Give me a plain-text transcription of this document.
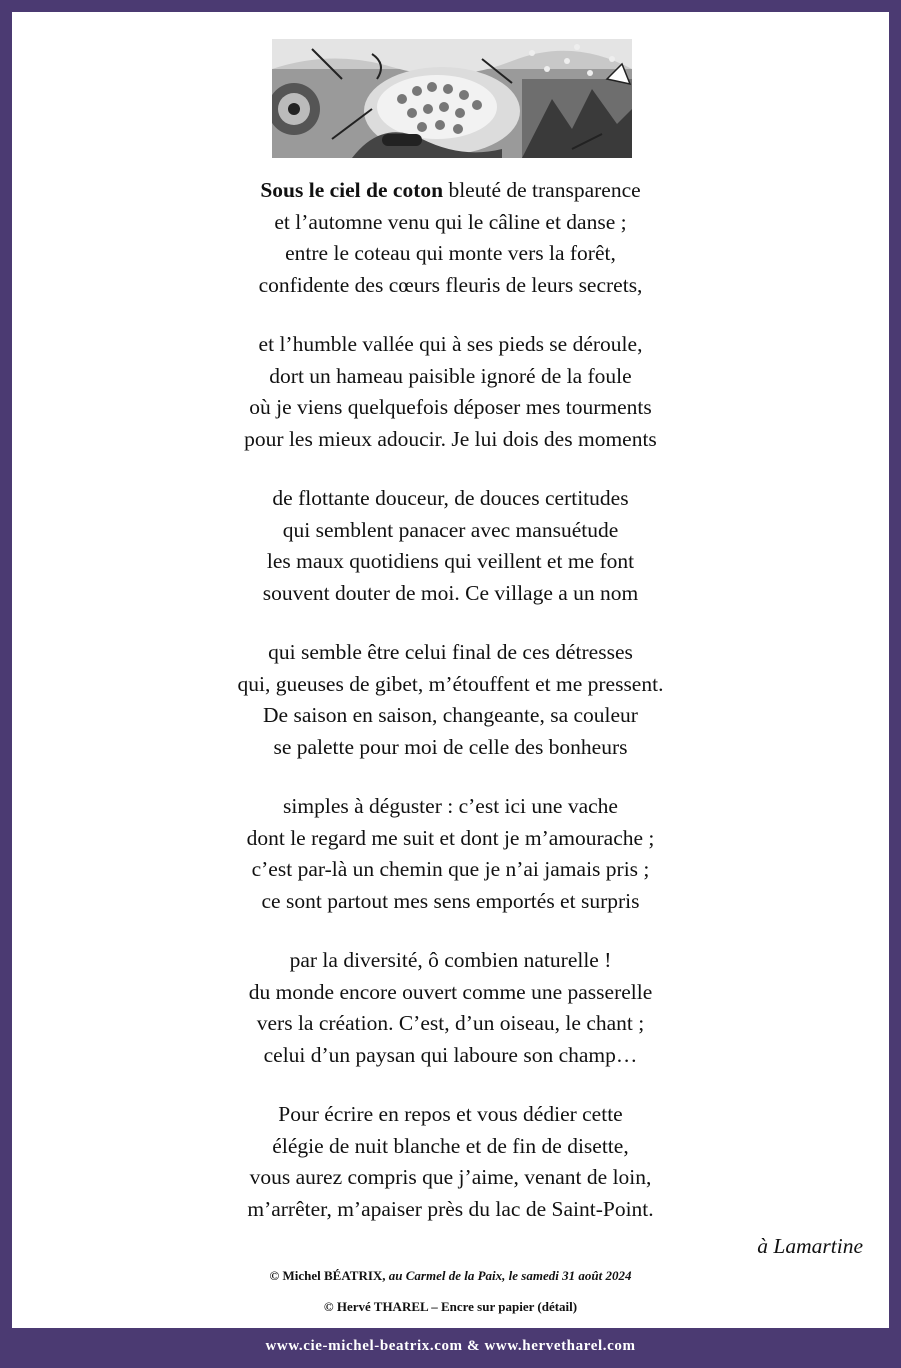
Sous le ciel de coton bleuté de transparence
et l’automne venu qui le câline et danse ;
entre le coteau qui monte vers la forêt,
confidente des cœurs fleuris de leurs secrets,
et l’humble vallée qui à ses pieds se déroule,
dort un hameau paisible ignoré de la foule
où je viens quelquefois déposer mes tourments
pour les mieux adoucir. Je lui dois des moments
de flottante douceur, de douces certitudes
qui semblent panacer avec mansuétude
les maux quotidiens qui veillent et me font
souvent douter de moi. Ce village a un nom
qui semble être celui final de ces détresses
qui, gueuses de gibet, m’étouffent et me pressent.
De saison en saison, changeante, sa couleur
se palette pour moi de celle des bonheurs
simples à déguster : c’est ici une vache
dont le regard me suit et dont je m’amourache ;
c’est par-là un chemin que je n’ai jamais pris ;
ce sont partout mes sens emportés et surpris
par la diversité, ô combien naturelle !
du monde encore ouvert comme une passerelle
vers la création. C’est, d’un oiseau, le chant ;
celui d’un paysan qui laboure son champ…
Pour écrire en repos et vous dédier cette
élégie de nuit blanche et de fin de disette,
vous aurez compris que j’aime, venant de loin,
m’arrêter, m’apaiser près du lac de Saint-Point.
à Lamartine
© Michel BÉATRIX, au Carmel de la Paix, le samedi 31 août 2024
© Hervé THAREL – Encre sur papier (détail)
www.cie-michel-beatrix.com & www.hervetharel.com
